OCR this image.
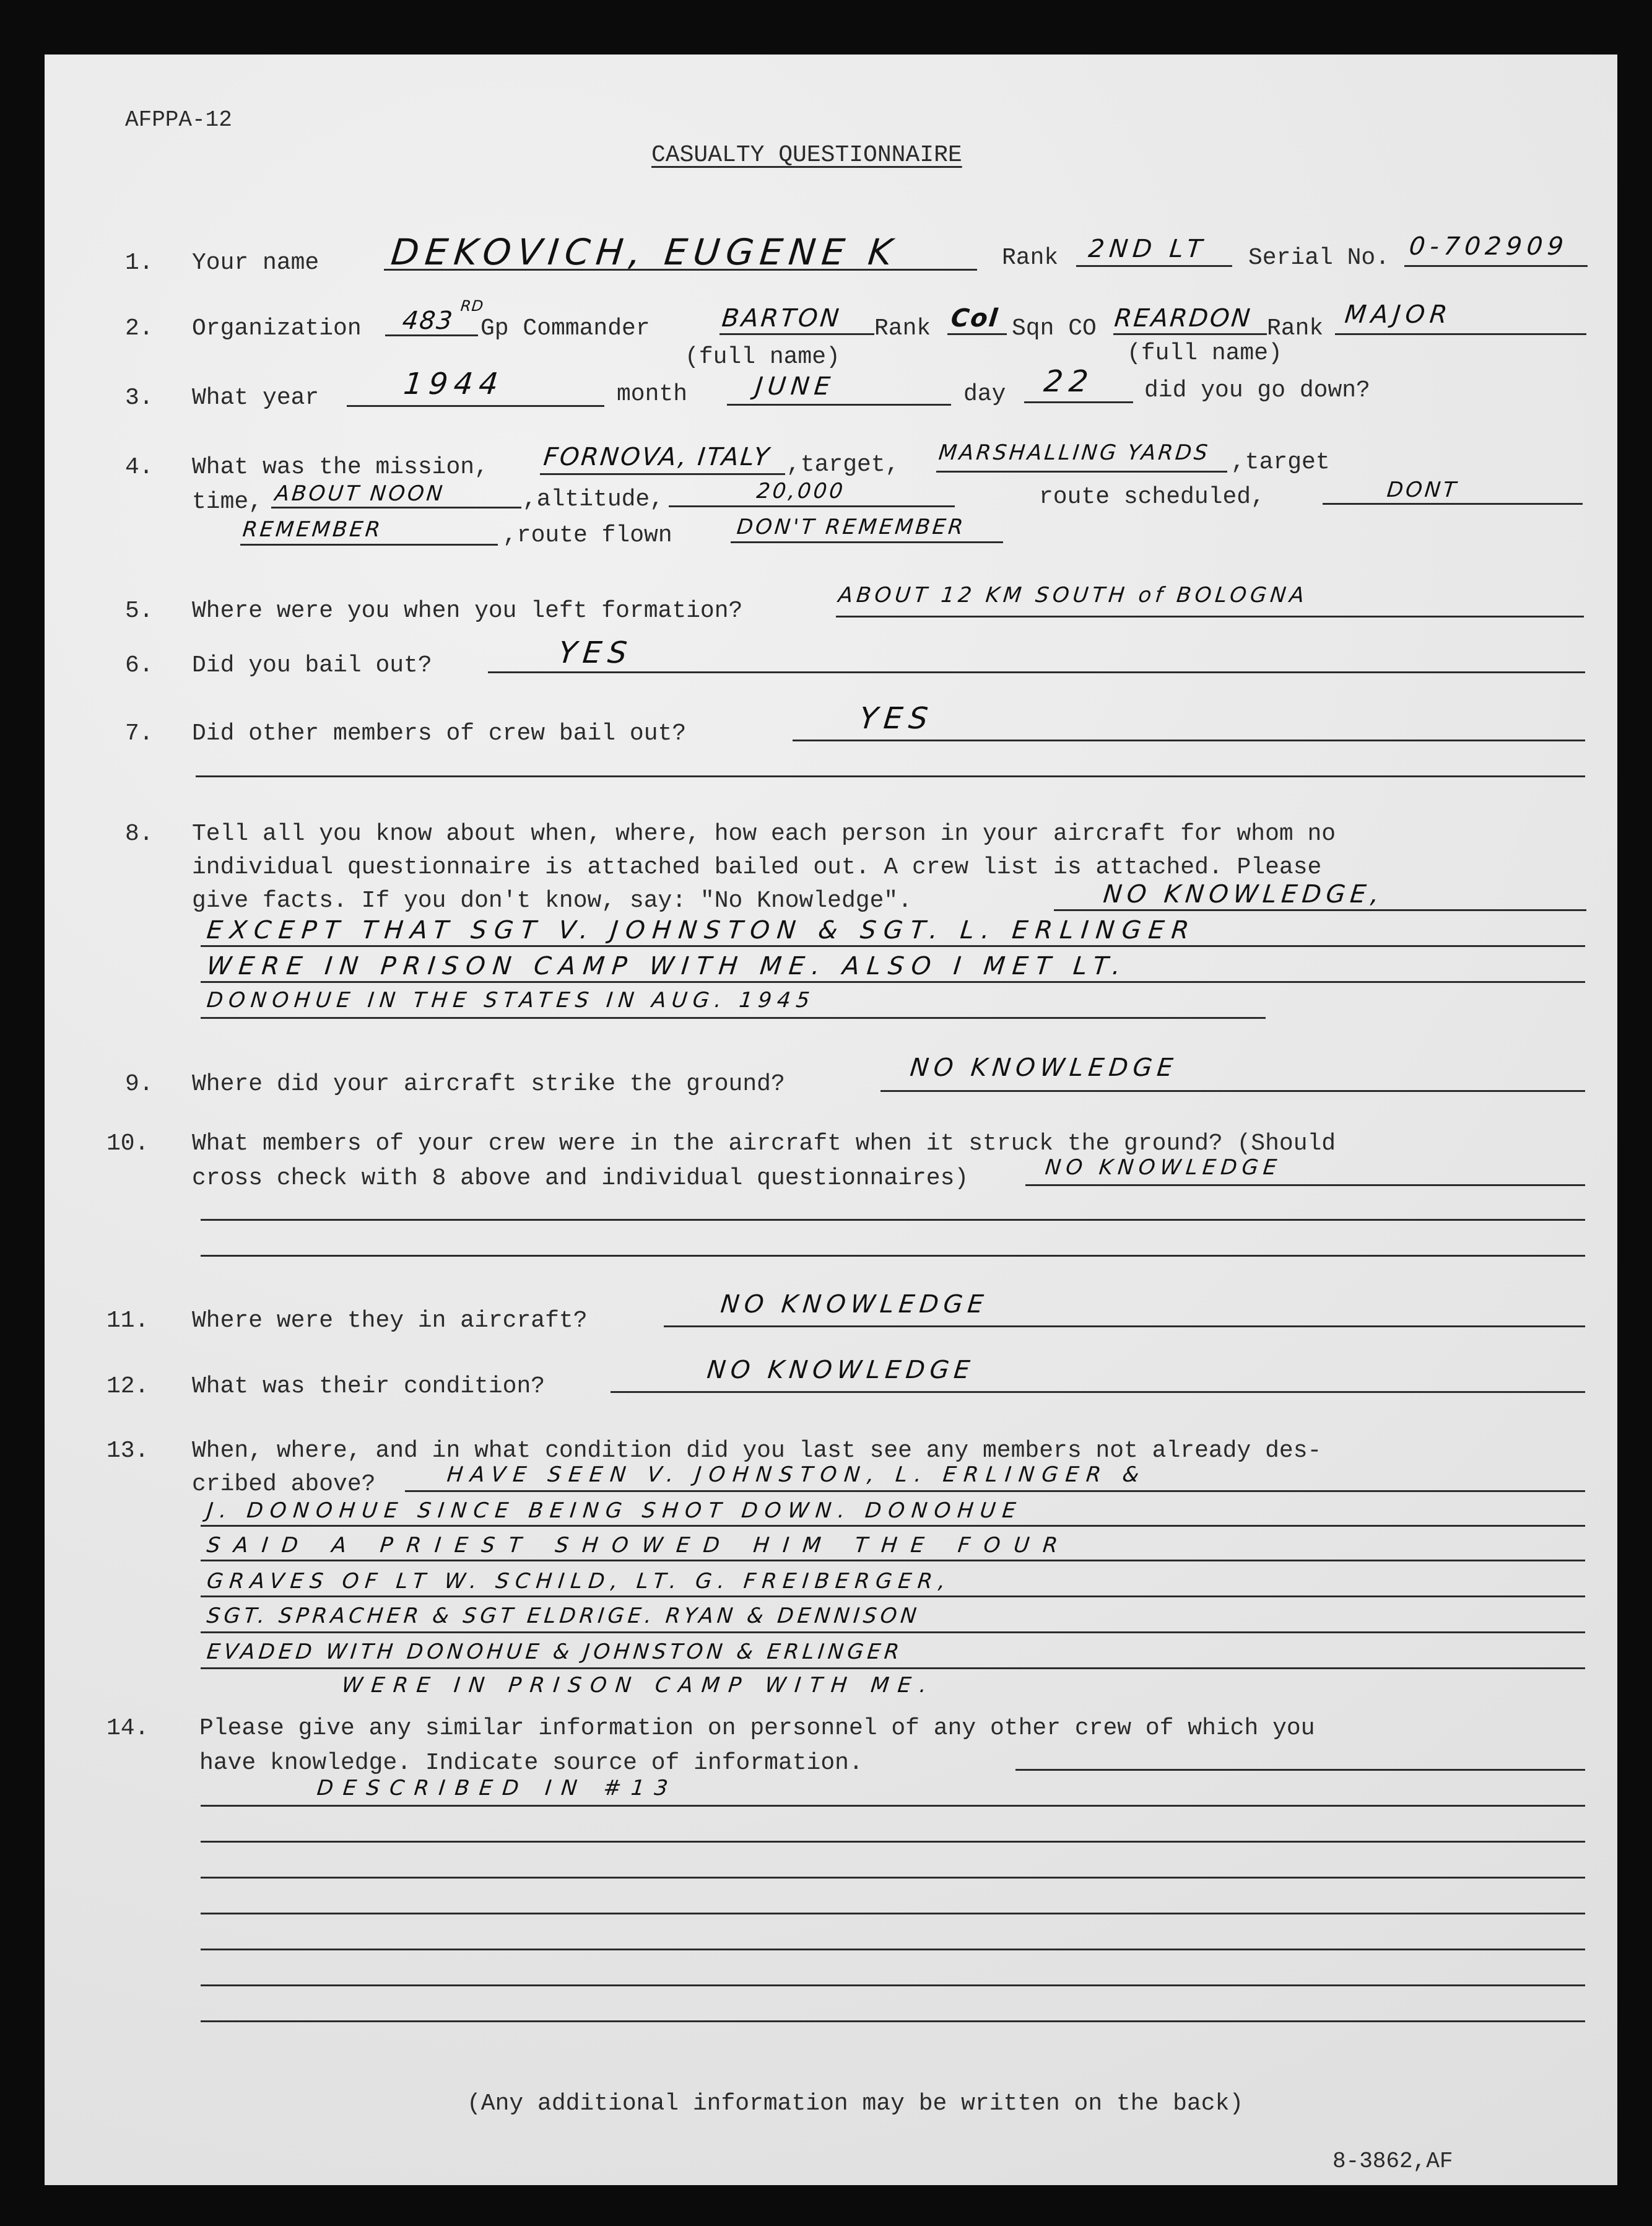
AFPPA-12
CASUALTY QUESTIONNAIRE
1. Your name DEKOVICH, EUGENE K	Rank 2ND LT Serial No. 0-702909
2. Organization 483
RD
Gp Commander	BARTON Rank Col Sqn CO REARDON Rank MAJOR
(full name)	(full name)
3. What year	1944	month	JUNE	day 22 did you go down?
4. What was the mission, FORNOVA, ITALY ,target, MARSHALLING YARDS ,target
time, ABOUT NOON	,altitude,	20,000	route scheduled,	DONT
REMEMBER	,route flown	DON'T REMEMBER
5. Where were you when you left formation?
ABOUT 12 KM SOUTH of BOLOGNA
6. Did you bail out?	YES
7. Did other members of crew bail out?	YES
8. Tell all you know about when, where, how each person in your aircraft for whom no
individual questionnaire is attached bailed out. A crew list is attached. Please
give facts. If you don't know, say: "No Knowledge".	NO KNOWLEDGE,
EXCEPT THAT SGT V. JOHNSTON & SGT. L. ERLINGER
WERE IN PRISON CAMP WITH ME. ALSO I MET LT.
DONOHUE IN THE STATES IN AUG. 1945
9. Where did your aircraft strike the ground?
NO KNOWLEDGE
10. What members of your crew were in the aircraft when it struck the ground? (Should
cross check with 8 above and individual questionnaires)	NO KNOWLEDGE
11. Where were they in aircraft?
NO KNOWLEDGE
12. What was their condition?
NO KNOWLEDGE
13. When, where, and in what condition did you last see any members not already des-
cribed above?	HAVE SEEN V. JOHNSTON, L. ERLINGER &
J. DONOHUE SINCE BEING SHOT DOWN. DONOHUE
SAID A PRIEST SHOWED HIM THE FOUR
GRAVES OF LT W. SCHILD, LT. G. FREIBERGER,
SGT. SPRACHER & SGT ELDRIGE. RYAN & DENNISON
EVADED WITH DONOHUE & JOHNSTON & ERLINGER
WERE IN PRISON CAMP WITH ME.
14. Please give any similar information on personnel of any other crew of which you
have knowledge. Indicate source of information.
DESCRIBED IN #13
(Any additional information may be written on the back)
8-3862,AF
